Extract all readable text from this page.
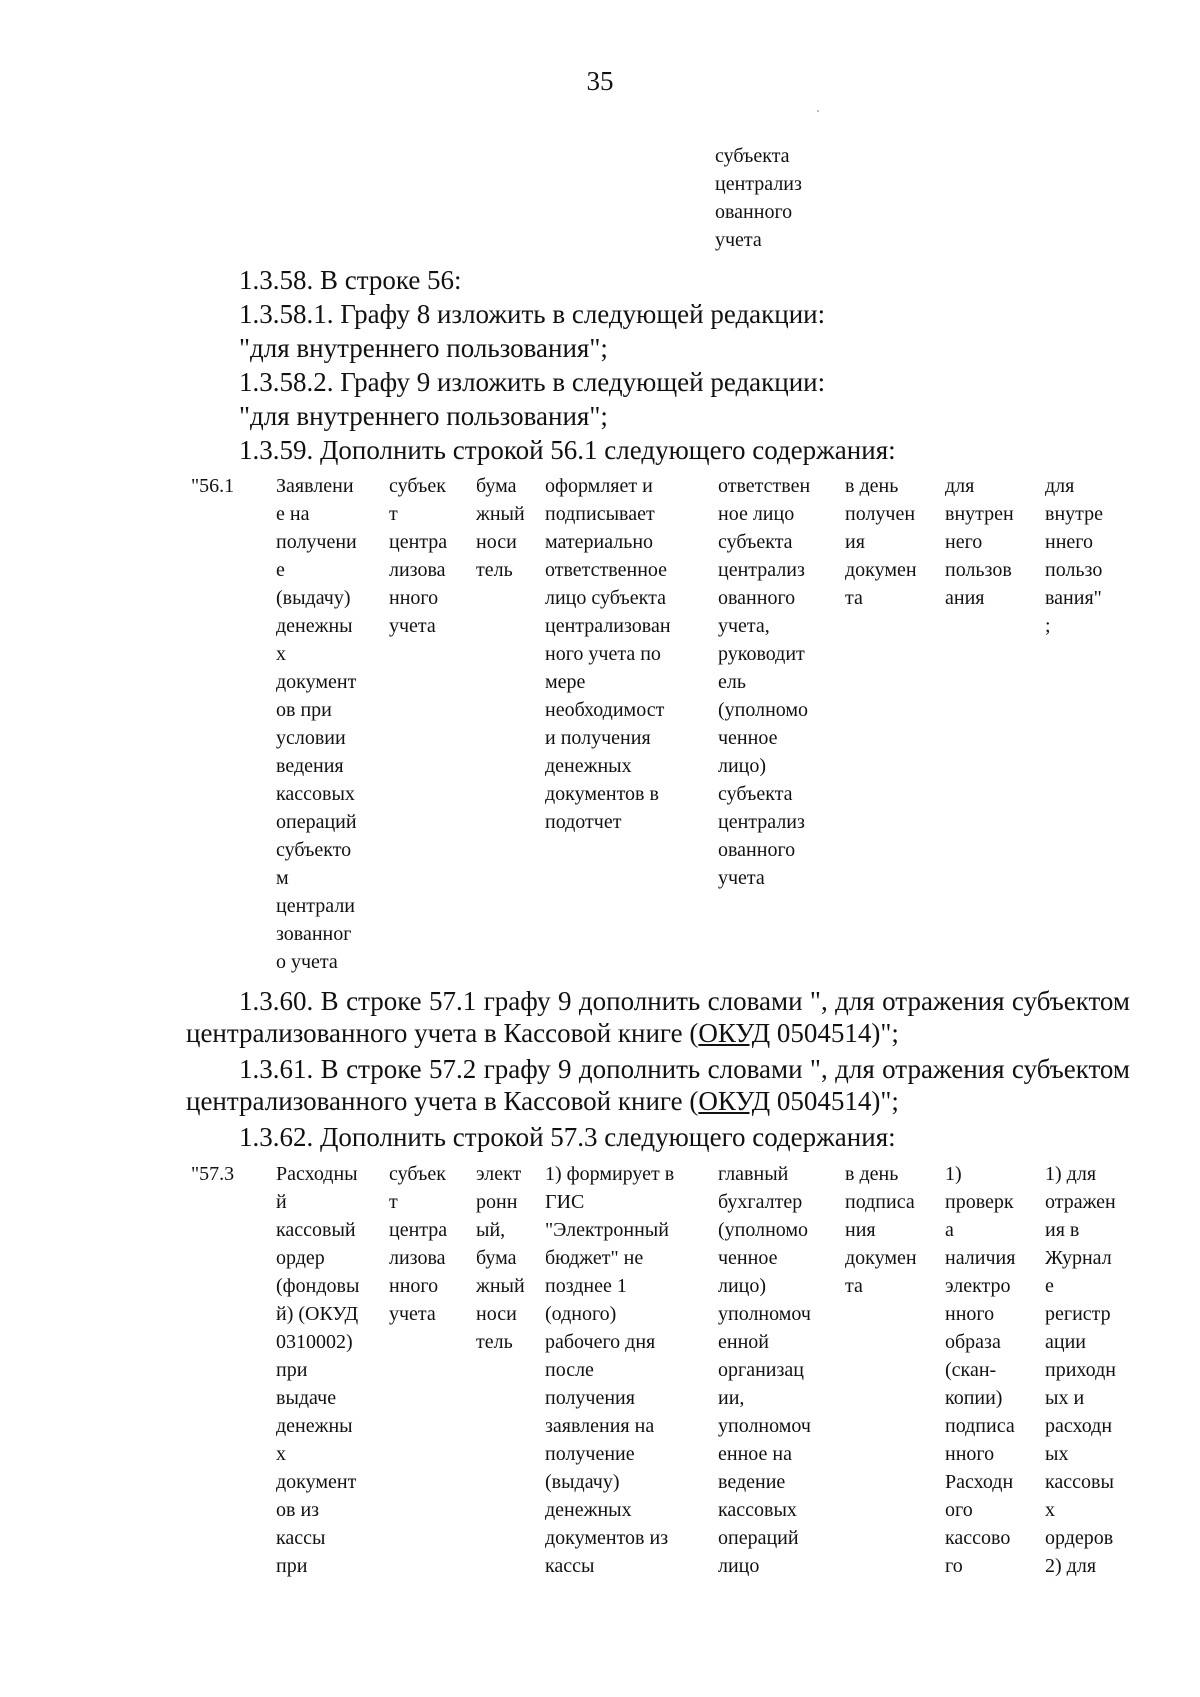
35
субъекта
централиз
ованного
учета
1.3.58. В строке 56:
1.3.58.1. Графу 8 изложить в следующей редакции:
"для внутреннего пользования";
1.3.58.2. Графу 9 изложить в следующей редакции:
"для внутреннего пользования";
1.3.59. Дополнить строкой 56.1 следующего содержания:
"56.1 Заявлени
е на
получени
е
(выдачу)
денежны
х
документ
ов при
условии
ведения
кассовых
операций
субъекто
м
централи
зованног
о учета
субъек
т
центра
лизова
нного
учета
бума
жный
носи
тель
оформляет и
подписывает
материально
ответственное
лицо субъекта
централизован
ного учета по
мере
необходимост
и получения
денежных
документов в
подотчет
ответствен
ное лицо
субъекта
централиз
ованного
учета,
руководит
ель
(уполномо
ченное
лицо)
субъекта
централиз
ованного
учета
в день
получен
ия
докумен
та
для
внутрен
него
пользов
ания
для
внутре
ннего
пользо
вания"
;
1.3.60. В строке 57.1 графу 9 дополнить словами ", для отражения субъектом централизованного учета в Кассовой книге (ОКУД 0504514)";
1.3.61. В строке 57.2 графу 9 дополнить словами ", для отражения субъектом централизованного учета в Кассовой книге (ОКУД 0504514)";
1.3.62. Дополнить строкой 57.3 следующего содержания:
"57.3 Расходны
й
кассовый
ордер
(фондовы
й) (ОКУД
0310002)
при
выдаче
денежны
х
документ
ов из
кассы
при
субъек
т
центра
лизова
нного
учета
элект
ронн
ый,
бума
жный
носи
тель
1) формирует в
ГИС
"Электронный
бюджет" не
позднее 1
(одного)
рабочего дня
после
получения
заявления на
получение
(выдачу)
денежных
документов из
кассы
главный
бухгалтер
(уполномо
ченное
лицо)
уполномоч
енной
организац
ии,
уполномоч
енное на
ведение
кассовых
операций
лицо
в день
подписа
ния
докумен
та
1)
проверк
а
наличия
электро
нного
образа
(скан-
копии)
подписа
нного
Расходн
ого
кассово
го
1) для
отражен
ия в
Журнал
е
регистр
ации
приходн
ых и
расходн
ых
кассовы
х
ордеров
2) для
